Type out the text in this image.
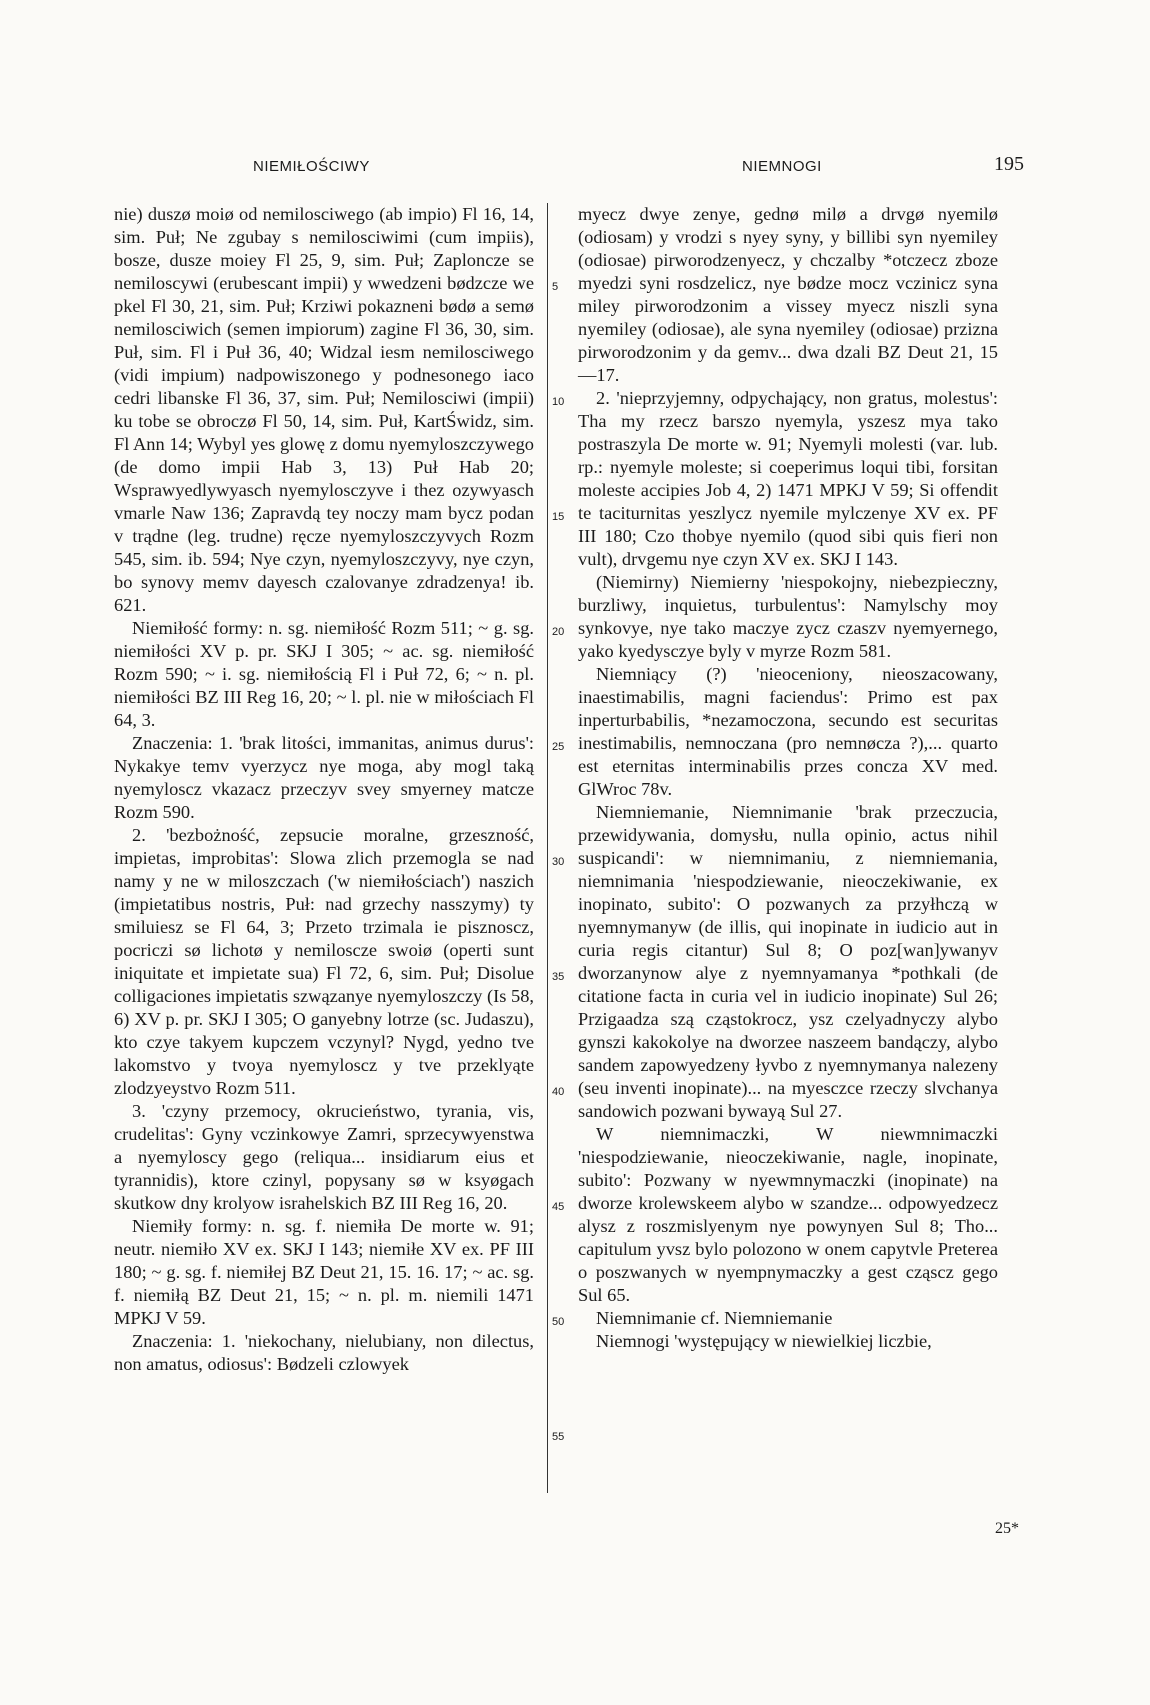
NIEMIŁOŚCIWY	NIEMNOGI	195

nie) duszø moiø od nemilosciwego (ab impio) Fl 16, 14, sim. Puł; Ne zgubay s nemilosciwimi (cum impiis), bosze, dusze moiey Fl 25, 9, sim. Puł; Zaploncze se nemiloscywi (erubescant impii) y wwedzeni bødzcze we pkel Fl 30, 21, sim. Puł; Krziwi pokazneni bødø a semø nemilosciwich (semen impiorum) zagine Fl 36, 30, sim. Puł, sim. Fl i Puł 36, 40; Widzal iesm nemilosciwego (vidi impium) nadpowiszonego y podnesonego iaco cedri libanske Fl 36, 37, sim. Puł; Nemilosciwi (impii) ku tobe se obroczø Fl 50, 14, sim. Puł, KartŚwidz, sim. Fl Ann 14; Wybyl yes glowę z domu nyemyloszczywego (de domo impii Hab 3, 13) Puł Hab 20; Wsprawyedlywyasch nyemylosczyve i thez ozywyasch vmarle Naw 136; Zapravdą tey noczy mam bycz podan v trądne (leg. trudne) ręcze nyemyloszczyvych Rozm 545, sim. ib. 594; Nye czyn, nyemyloszczyvy, nye czyn, bo synovy memv dayesch czalovanye zdradzenya! ib. 621.

Niemiłość formy: n. sg. niemiłość Rozm 511; ~ g. sg. niemiłości XV p. pr. SKJ I 305; ~ ac. sg. niemiłość Rozm 590; ~ i. sg. niemiłością Fl i Puł 72, 6; ~ n. pl. niemiłości BZ III Reg 16, 20; ~ l. pl. nie w miłościach Fl 64, 3.

Znaczenia: 1. 'brak litości, immanitas, animus durus': Nykakye temv vyerzycz nye moga, aby mogl taką nyemyloscz vkazacz przeczyv svey smyerney matcze Rozm 590.

2. 'bezbożność, zepsucie moralne, grzeszność, impietas, improbitas': Slowa zlich przemogla se nad namy y ne w miloszczach ('w niemiłościach') naszich (impietatibus nostris, Puł: nad grzechy nasszymy) ty smiluiesz se Fl 64, 3; Przeto trzimala ie pisznoscz, pocriczi sø lichotø y nemiloscze swoiø (operti sunt iniquitate et impietate sua) Fl 72, 6, sim. Puł; Disolue colligaciones impietatis szwązanye nyemyloszczy (Is 58, 6) XV p. pr. SKJ I 305; O ganyebny lotrze (sc. Judaszu), kto czye takyem kupczem vczynyl? Nygd, yedno tve lakomstvo y tvoya nyemyloscz y tve przeklyąte zlodzyeystvo Rozm 511.

3. 'czyny przemocy, okrucieństwo, tyrania, vis, crudelitas': Gyny vczinkowye Zamri, sprzecywyenstwa a nyemyloscy gego (reliqua... insidiarum eius et tyrannidis), ktore czinyl, popysany sø w ksyøgach skutkow dny krolyow israhelskich BZ III Reg 16, 20.

Niemiły formy: n. sg. f. niemiła De morte w. 91; neutr. niemiło XV ex. SKJ I 143; niemiłe XV ex. PF III 180; ~ g. sg. f. niemiłej BZ Deut 21, 15. 16. 17; ~ ac. sg. f. niemiłą BZ Deut 21, 15; ~ n. pl. m. niemili 1471 MPKJ V 59.

Znaczenia: 1. 'niekochany, nielubiany, non dilectus, non amatus, odiosus': Bødzeli czlowyek

5
10
15
20
25
30
35
40
45
50
55

myecz dwye zenye, gednø milø a drvgø nyemilø (odiosam) y vrodzi s nyey syny, y billibi syn nyemiley (odiosae) pirworodzenyecz, y chczalby *otczecz zboze myedzi syni rosdzelicz, nye bødze mocz vczinicz syna miley pirworodzonim a vissey myecz niszli syna nyemiley (odiosae), ale syna nyemiley (odiosae) przizna pirworodzonim y da gemv... dwa dzali BZ Deut 21, 15—17.

2. 'nieprzyjemny, odpychający, non gratus, molestus': Tha my rzecz barszo nyemyla, yszesz mya tako postraszyla De morte w. 91; Nyemyli molesti (var. lub. rp.: nyemyle moleste; si coeperimus loqui tibi, forsitan moleste accipies Job 4, 2) 1471 MPKJ V 59; Si offendit te taciturnitas yeszlycz nyemile mylczenye XV ex. PF III 180; Czo thobye nyemilo (quod sibi quis fieri non vult), drvgemu nye czyn XV ex. SKJ I 143.

(Niemirny) Niemierny 'niespokojny, niebezpieczny, burzliwy, inquietus, turbulentus': Namylschy moy synkovye, nye tako maczye zycz czaszv nyemyernego, yako kyedysczye byly v myrze Rozm 581.

Niemniący (?) 'nieoceniony, nieoszacowany, inaestimabilis, magni faciendus': Primo est pax inperturbabilis, *nezamoczona, secundo est securitas inestimabilis, nemnoczana (pro nemnøcza ?),... quarto est eternitas interminabilis przes concza XV med. GlWroc 78v.

Niemniemanie, Niemnimanie 'brak przeczucia, przewidywania, domysłu, nulla opinio, actus nihil suspicandi': w niemnimaniu, z niemniemania, niemnimania 'niespodziewanie, nieoczekiwanie, ex inopinato, subito': O pozwanych za przyłhczą w nyemnymanyw (de illis, qui inopinate in iudicio aut in curia regis citantur) Sul 8; O poz[wan]ywanyv dworzanynow alye z nyemnyamanya *pothkali (de citatione facta in curia vel in iudicio inopinate) Sul 26; Przigaadza szą cząstokrocz, ysz czelyadnyczy alybo gynszi kakokolye na dworzee naszeem bandączy, alybo sandem zapowyedzeny łyvbo z nyemnymanya nalezeny (seu inventi inopinate)... na myesczce rzeczy slvchanya sandowich pozwani bywayą Sul 27.

W niemnimaczki, W niewmnimaczki 'niespodziewanie, nieoczekiwanie, nagle, inopinate, subito': Pozwany w nyewmnymaczki (inopinate) na dworze krolewskeem alybo w szandze... odpowyedzecz alysz z roszmislyenym nye powynyen Sul 8; Tho... capitulum yvsz bylo polozono w onem capytvle Preterea o poszwanych w nyempnymaczky a gest cząscz gego Sul 65.

Niemnimanie cf. Niemniemanie

Niemnogi 'występujący w niewielkiej liczbie,

25*
